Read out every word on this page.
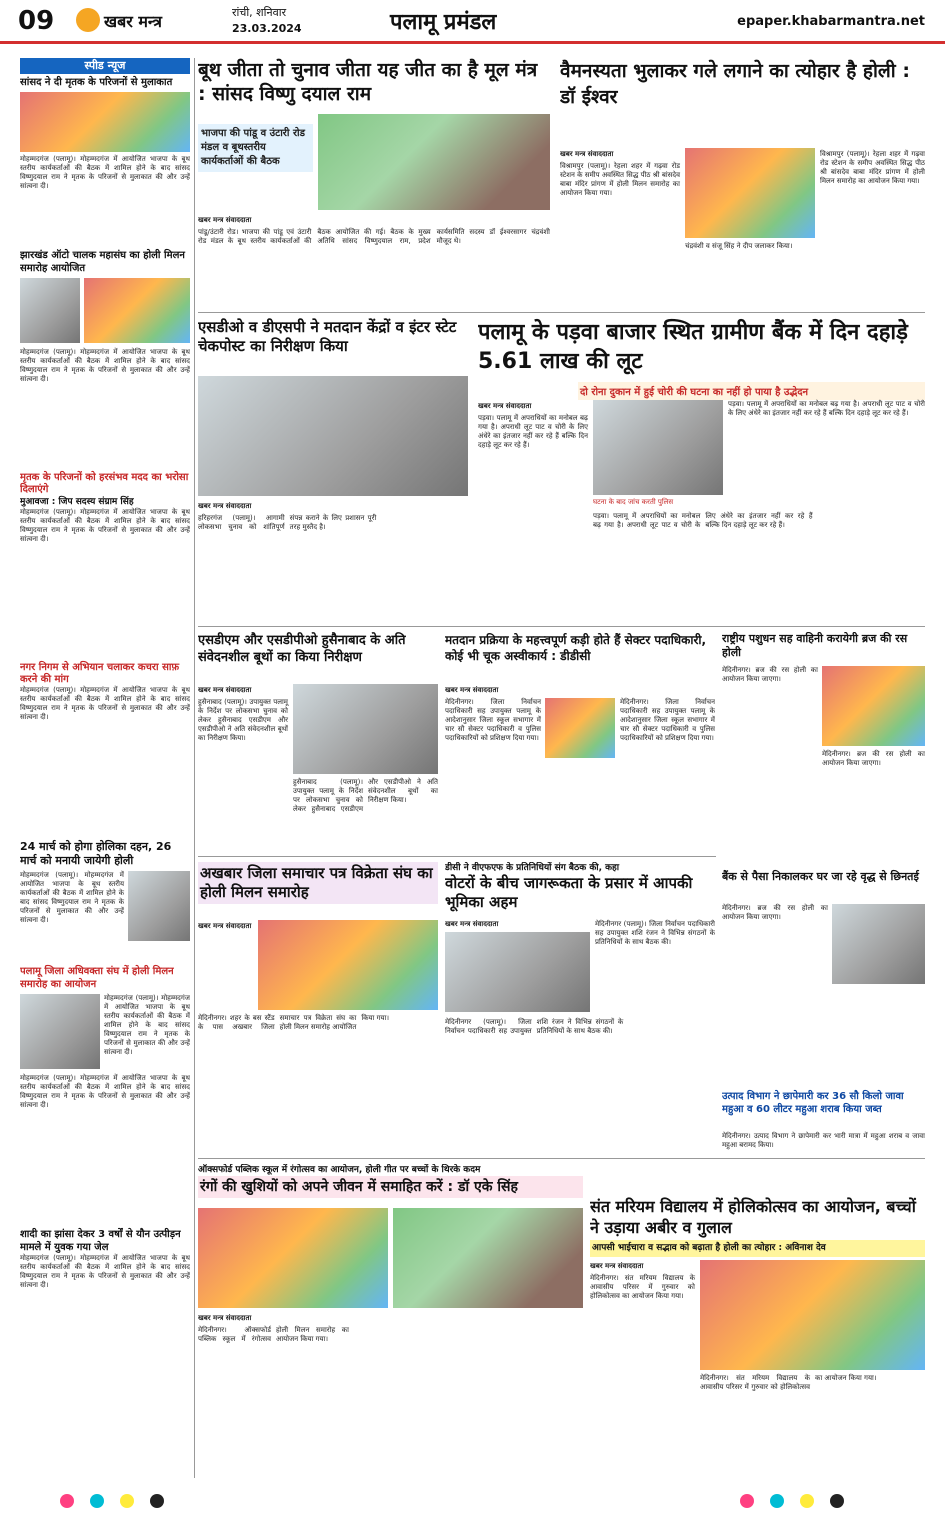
09	खबर मन्त्र	रांची, शनिवार
23.03.2024	पलामू प्रमंडल	epaper.khabarmantra.net
स्पीड न्यूज
सांसद ने दी मृतक के परिजनों से मुलाकात
मोहम्मदगंज (पलामू)। मोहम्मदगंज में आयोजित भाजपा के बूथ स्तरीय कार्यकर्ताओं की बैठक में शामिल होने के बाद सांसद विष्णुदयाल राम ने मृतक के परिजनों से मुलाकात की और उन्हें सांत्वना दी।
झारखंड ऑटो चालक महासंघ का होली मिलन समारोह आयोजित
मोहम्मदगंज (पलामू)। मोहम्मदगंज में आयोजित भाजपा के बूथ स्तरीय कार्यकर्ताओं की बैठक में शामिल होने के बाद सांसद विष्णुदयाल राम ने मृतक के परिजनों से मुलाकात की और उन्हें सांत्वना दी।
मृतक के परिजनों को हरसंभव मदद का भरोसा दिलाएंगे
मुआवजा : जिप सदस्य संग्राम सिंह
मोहम्मदगंज (पलामू)। मोहम्मदगंज में आयोजित भाजपा के बूथ स्तरीय कार्यकर्ताओं की बैठक में शामिल होने के बाद सांसद विष्णुदयाल राम ने मृतक के परिजनों से मुलाकात की और उन्हें सांत्वना दी।
नगर निगम से अभियान चलाकर कचरा साफ़ करने की मांग
मोहम्मदगंज (पलामू)। मोहम्मदगंज में आयोजित भाजपा के बूथ स्तरीय कार्यकर्ताओं की बैठक में शामिल होने के बाद सांसद विष्णुदयाल राम ने मृतक के परिजनों से मुलाकात की और उन्हें सांत्वना दी।
24 मार्च को होगा होलिका दहन, 26 मार्च को मनायी जायेगी होली
मोहम्मदगंज (पलामू)। मोहम्मदगंज में आयोजित भाजपा के बूथ स्तरीय कार्यकर्ताओं की बैठक में शामिल होने के बाद सांसद विष्णुदयाल राम ने मृतक के परिजनों से मुलाकात की और उन्हें सांत्वना दी।
पलामू जिला अधिवक्ता संघ में होली मिलन समारोह का आयोजन
मोहम्मदगंज (पलामू)। मोहम्मदगंज में आयोजित भाजपा के बूथ स्तरीय कार्यकर्ताओं की बैठक में शामिल होने के बाद सांसद विष्णुदयाल राम ने मृतक के परिजनों से मुलाकात की और उन्हें सांत्वना दी।
मोहम्मदगंज (पलामू)। मोहम्मदगंज में आयोजित भाजपा के बूथ स्तरीय कार्यकर्ताओं की बैठक में शामिल होने के बाद सांसद विष्णुदयाल राम ने मृतक के परिजनों से मुलाकात की और उन्हें सांत्वना दी।
शादी का झांसा देकर 3 वर्षों से यौन उत्पीड़न मामले में युवक गया जेल
मोहम्मदगंज (पलामू)। मोहम्मदगंज में आयोजित भाजपा के बूथ स्तरीय कार्यकर्ताओं की बैठक में शामिल होने के बाद सांसद विष्णुदयाल राम ने मृतक के परिजनों से मुलाकात की और उन्हें सांत्वना दी।
बूथ जीता तो चुनाव जीता यह जीत का है मूल मंत्र : सांसद विष्णु दयाल राम
भाजपा की पांडू व उंटारी रोड मंडल व बूथस्तरीय कार्यकर्ताओं की बैठक
खबर मन्त्र संवाददाता
पांडू/उंटारी रोड। भाजपा की पांडू एवं उंटारी रोड मंडल के बूथ स्तरीय कार्यकर्ताओं की बैठक आयोजित की गई। बैठक के मुख्य अतिथि सांसद विष्णुदयाल राम, प्रदेश कार्यसमिति सदस्य डॉ ईश्वरसागर चंद्रवंशी मौजूद थे।
वैमनस्यता भुलाकर गले लगाने का त्योहार है होली : डॉ ईश्वर
खबर मन्त्र संवाददाता
चंद्रवंशी व संजू सिंह ने दीप जलाकर किया।
विश्रामपुर (पलामू)। रेहला शहर में गढ़वा रोड स्टेशन के समीप अवस्थित सिद्ध पीठ श्री बांसदेव बाबा मंदिर प्रांगण में होली मिलन समारोह का आयोजन किया गया।
विश्रामपुर (पलामू)। रेहला शहर में गढ़वा रोड स्टेशन के समीप अवस्थित सिद्ध पीठ श्री बांसदेव बाबा मंदिर प्रांगण में होली मिलन समारोह का आयोजन किया गया।
एसडीओ व डीएसपी ने मतदान केंद्रों व इंटर स्टेट चेकपोस्ट का निरीक्षण किया
खबर मन्त्र संवाददाता
हरिहरगंज (पलामू)। आगामी लोकसभा चुनाव को शांतिपूर्ण संपन्न कराने के लिए प्रशासन पूरी तरह मुस्तैद है।
पलामू के पड़वा बाजार स्थित ग्रामीण बैंक में दिन दहाड़े 5.61 लाख की लूट
दो रोना दुकान में हुई चोरी की घटना का नहीं हो पाया है उद्भेदन
खबर मन्त्र संवाददाता
पड़वा। पलामू में अपराधियों का मनोबल बढ़ गया है। अपराधी लूट पाट व चोरी के लिए अंधेरे का इंतजार नहीं कर रहे हैं बल्कि दिन दहाड़े लूट कर रहे हैं।
घटना के बाद जांच करती पुलिस
पड़वा। पलामू में अपराधियों का मनोबल बढ़ गया है। अपराधी लूट पाट व चोरी के लिए अंधेरे का इंतजार नहीं कर रहे हैं बल्कि दिन दहाड़े लूट कर रहे हैं।
पड़वा। पलामू में अपराधियों का मनोबल बढ़ गया है। अपराधी लूट पाट व चोरी के लिए अंधेरे का इंतजार नहीं कर रहे हैं बल्कि दिन दहाड़े लूट कर रहे हैं।
एसडीएम और एसडीपीओ हुसैनाबाद के अति संवेदनशील बूथों का किया निरीक्षण
खबर मन्त्र संवाददाता
हुसैनाबाद (पलामू)। उपायुक्त पलामू के निर्देश पर लोकसभा चुनाव को लेकर हुसैनाबाद एसडीएम और एसडीपीओ ने अति संवेदनशील बूथों का निरीक्षण किया।
हुसैनाबाद (पलामू)। उपायुक्त पलामू के निर्देश पर लोकसभा चुनाव को लेकर हुसैनाबाद एसडीएम और एसडीपीओ ने अति संवेदनशील बूथों का निरीक्षण किया।
मतदान प्रक्रिया के महत्त्वपूर्ण कड़ी होते हैं सेक्टर पदाधिकारी, कोई भी चूक अस्वीकार्य : डीडीसी
खबर मन्त्र संवाददाता
मेदिनीनगर। जिला निर्वाचन पदाधिकारी सह उपायुक्त पलामू के आदेशानुसार जिला स्कूल सभागार में चार सौ सेक्टर पदाधिकारी व पुलिस पदाधिकारियों को प्रशिक्षण दिया गया।
मेदिनीनगर। जिला निर्वाचन पदाधिकारी सह उपायुक्त पलामू के आदेशानुसार जिला स्कूल सभागार में चार सौ सेक्टर पदाधिकारी व पुलिस पदाधिकारियों को प्रशिक्षण दिया गया।
राष्ट्रीय पशुधन सह वाहिनी करायेगी ब्रज की रस होली
मेदिनीनगर। ब्रज की रस होली का आयोजन किया जाएगा।
मेदिनीनगर। ब्रज की रस होली का आयोजन किया जाएगा।
बैंक से पैसा निकालकर घर जा रहे वृद्ध से छिनतई
मेदिनीनगर। ब्रज की रस होली का आयोजन किया जाएगा।
उत्पाद विभाग ने छापेमारी कर 36 सौ किलो जावा महुआ व 60 लीटर महुआ शराब किया जब्त
मेदिनीनगर। उत्पाद विभाग ने छापेमारी कर भारी मात्रा में महुआ शराब व जावा महुआ बरामद किया।
अखबार जिला समाचार पत्र विक्रेता संघ का होली मिलन समारोह
खबर मन्त्र संवाददाता
मेदिनीनगर। शहर के बस स्टैंड के पास अखबार जिला समाचार पत्र विक्रेता संघ का होली मिलन समारोह आयोजित किया गया।
डीसी ने वीएफएफ के प्रतिनिधियों संग बैठक की, कहा
वोटरों के बीच जागरूकता के प्रसार में आपकी भूमिका अहम
खबर मन्त्र संवाददाता	मेदिनीनगर (पलामू)। जिला निर्वाचन पदाधिकारी सह उपायुक्त शशि रंजन ने विभिन्न संगठनों के प्रतिनिधियों के साथ बैठक की।
मेदिनीनगर (पलामू)। जिला निर्वाचन पदाधिकारी सह उपायुक्त शशि रंजन ने विभिन्न संगठनों के प्रतिनिधियों के साथ बैठक की।
ऑक्सफोर्ड पब्लिक स्कूल में रंगोत्सव का आयोजन, होली गीत पर बच्चों के थिरके कदम
रंगों की खुशियों को अपने जीवन में समाहित करें : डॉ एके सिंह
खबर मन्त्र संवाददाता
मेदिनीनगर। ऑक्सफोर्ड पब्लिक स्कूल में रंगोत्सव होली मिलन समारोह का आयोजन किया गया।
संत मरियम विद्यालय में होलिकोत्सव का आयोजन, बच्चों ने उड़ाया अबीर व गुलाल
आपसी भाईचारा व सद्भाव को बढ़ाता है होली का त्योहार : अविनाश देव
खबर मन्त्र संवाददाता
मेदिनीनगर। संत मरियम विद्यालय के आवासीय परिसर में गुरुवार को होलिकोत्सव का आयोजन किया गया।
मेदिनीनगर। संत मरियम विद्यालय के आवासीय परिसर में गुरुवार को होलिकोत्सव का आयोजन किया गया।
